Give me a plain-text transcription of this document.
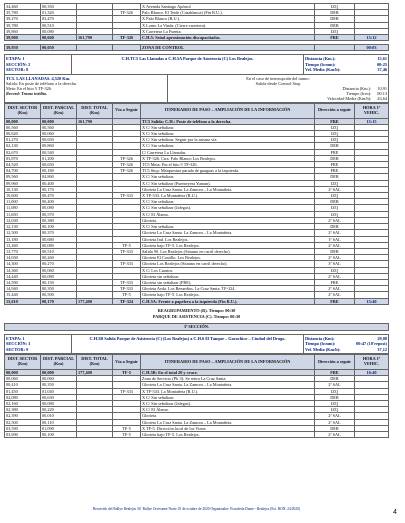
34,460	00,350			X Avenida Santiago Apóstol	IZQ	
35,780	01,320		TF-326	Palo Blanco. El Teide (Casablanca) (Fin R.U.).	DER	
39,270	03,470			X Palo Blanco (R.U.).	DER	
39,780	00,510			X Lomo La Vinda. (Cierre carretera).	DER	
39,860	00,080			X Carretera La Fuenta.	IZQ	
39,900	00,040	161,790	TF-326	C.H.5: Señal aproximación discapacitados.	FRE	15:12
39,950	00,050			ZONA DE CONTROL		00:03
ETAPA: 1
SECCIÓN: 2
SECTOR: 8
C.H.TC5 Las Llanadas a C.H.5A Parque de Asistencia (C) Los Realejos.	15,61
Distancia (Km.):
00:25
Tiempo (h:mm):
37,46
Vel. Media (Km/h):
TC5. LAS LLANADAS. 4,520 Km.
Salida: En poste de teléfono a la derecha.
Meta: En el hito 5 TF-326.
Record: Tramo inédito.
En el caso de interrupción del tramo:
Salida desde Control Stop
Distancia (Km.): 10,91
Tiempo (h:m): 00:13
Velocidad Media (Km/h): 43,64
DIST. SECTOR (Km)	DIST. PARCIAL (Km)	DIST. TOTAL (Km)	Vía a Seguir	ITINERARIO DE PASO – AMPLIACIÓN DE LA INFORMACIÓN	Dirección a seguir	HORA 1º VEHIC.
00,000	00,000	161,790		TC5 Salida: C.H.: Poste de teléfono a la derecha.	FRE	15:15
00,560	00,560			X C/ Sin señalizar.	IZQ	
00,620	00,060			X C/ Sin señalizar.	IZQ	
01,270	00,650			X C/ Sin señalizar. Seguir por la misma vía.	IZQ	
02,130	00,860			X C/ Sin señalizar.	DER	
02,670	00,540			C/ Carretera La Llanadas.	FRE	
03,870	01,200		TF-326	X TF-326. Ctra. Palo Blanco Los Realejos.	DER	
04,520	00,650		TF-326	TC5 Meta: Fin el hito 5 TF-326.	FRE	
04,700	00,180		TF-326	TC5 Stop: Marquesina parada de guaguas a la izquierda.	FRE	
09,560	04,860			X C/ Sin señalizar.	DER	
09,960	00,400			X C/ Sin señalizar (Fuenteyera Yuman).	IZQ	
10,130	00,170			Glorieta La Cruz Santa. La Zamora – La Montañeta.	2ª SAL	
10,600	00,470		TF-333	X TF-333. La Montañeta (R.U.).	IZQ	
11,000	00,400			X C/ Sin señalizar.	DER	
11,080	00,080			X C/ Sin señalizar (Jafegas).	IZQ	
11,650	00,570			X C/ El Álamo.	IZQ	
12,030	00,380			Glorieta.	2ª SAL	
12,130	00,100			X C/ Sin señalizar.	DER	
12,500	00,370			Glorieta La Cruz Santa. La Zamora – La Montañeta.	2ª SAL	
13,180	00,680			Glorieta Ind. Los Realejos.	1ª SAL	
13,260	00,080		TF-5	Glorieta bajo TF-5. Los Realejos.	2ª SAL	
13,770	00,510		TF-333	Salida 90. Los Realejos (Sitauno en carril derecho).	DER	
14,030	00,260			Glorieta El Castillo. Los Realejos.	2ª SAL	
14,300	00,270		TF-333	Glorieta Los Realejos (Sitauno en carril derecho).	3ª SAL	
14,360	00,060			X C/ Los Cuartos.	IZQ	
14,440	00,080			Glorieta sin señalizar.	2ª SAL	
14,590	00,150		TF-333	Glorieta sin señalizar (FRE).	FRE	
14,940	00,350		TF-333	Glorieta Avda. Los Remedios. La Cruz Santa. TF-324.	2ª SAL	
15,440	00,500		TF-5	Glorieta bajo TF-5. Los Realejos.	2ª SAL	
15,610	00,170	177,400	TF-324	C.H.5A: Frente a papelera a la izquierda (Fin R.U.).	FRE	15:40
REAGRUPAMIENTO (R). Tiempo: 00:30
PARQUE DE ASISTENCIA (C). Tiempo: 00:30
3ª SECCIÓN.
ETAPA: 1
SECCIÓN: 3
SECTOR: 9
C.H.5B Salida Parque de Asistencia (C) (Los Realejos) a C.H.6 El Tanque – Garachico – Ciudad del Drago.	29,08
Distancia (Km):
00:47 (10'repost)
Tiempo (h:mm):
37,12
Vel. Media (Km/h):
DIST. SECTOR (Km)	DIST. PARCIAL (Km)	DIST. TOTAL (Km)	Vía a Seguir	ITINERARIO DE PASO – AMPLIACIÓN DE LA INFORMACIÓN	Dirección a seguir	HORA 1º VEHIC.
00,000	00,000	177,400	TF-5	C.H.5B: En el total 20 y cruce.	FRE	16:40
00,060	00,060			Zona de Servicio (Pk 3): Se retira La Cruz Santa.	DER	
00,410	00,350			Glorieta La Cruz Santa. La Zamora – La Montañeta.	2ª SAL	
01,450	01,040		TF-333	X TF-333. La Montañeta (R.U.).	IZQ	
02,080	00,630			X C/ Sin señalizar.	DER	
02,160	00,080			X C/ Sin señalizar (Jafegas).	IZQ	
02,380	00,220			X C/ El Álamo.	IZQ	
02,390	00,010			Glorieta.	2ª SAL	
02,500	00,110			Glorieta La Cruz Santa. La Zamora – La Montañeta.	2ª SAL	
03,590	01,090		TF-5	X TF-5. Dirección local de los Vinos.	DER	
03,690	00,100		TF-5	Glorieta bajo TF-5. Los Realejos.	2ª SAL	
Recorrido del Rallye Realejos 34º Rallye Orvecame Norte 10 de octubre de 2020 Organizador: Escudería Daute - Realejos (Est. RON. 24/2020)	4
